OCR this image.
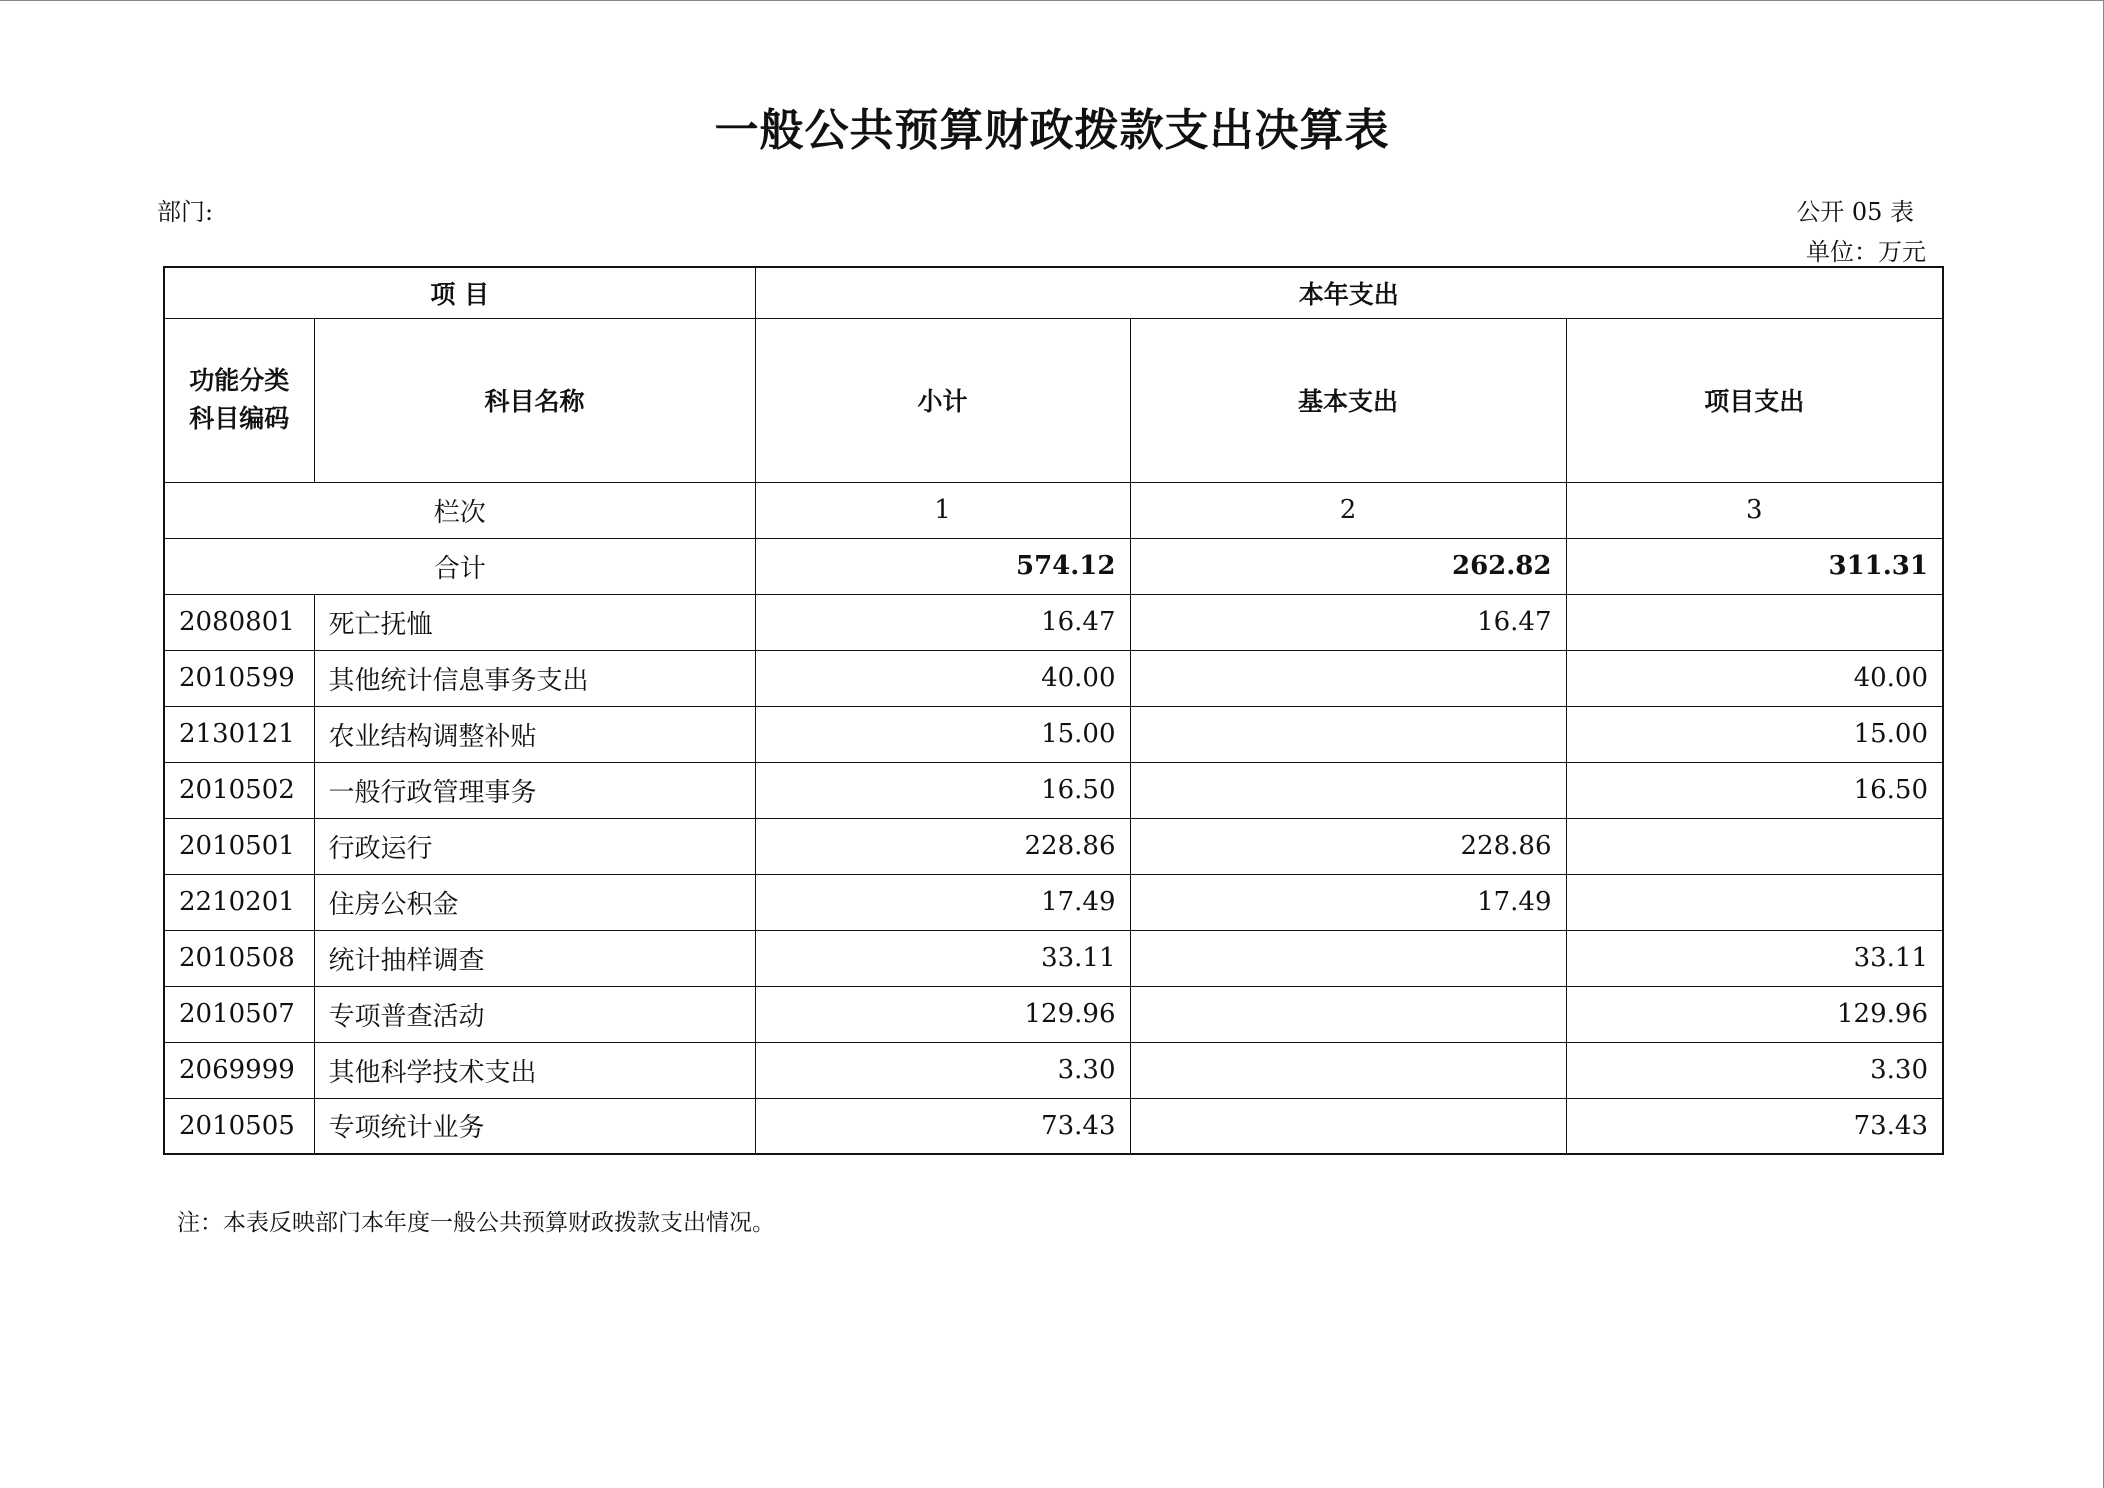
一般公共预算财政拨款支出决算表
部门:	公开 05 表
单位：万元
项 目		本年支出		

功能分类
科目编码	科目名称	小计	基本支出	项目支出
栏次		1	2	3
合计		574.12	262.82	311.31
2080801	死亡抚恤	16.47	16.47	
2010599	其他统计信息事务支出	40.00		40.00
2130121	农业结构调整补贴	15.00		15.00
2010502	一般行政管理事务	16.50		16.50
2010501	行政运行	228.86	228.86	
2210201	住房公积金	17.49	17.49	
2010508	统计抽样调查	33.11		33.11
2010507	专项普查活动	129.96		129.96
2069999	其他科学技术支出	3.30		3.30
2010505	专项统计业务	73.43		73.43
注：本表反映部门本年度一般公共预算财政拨款支出情况。
